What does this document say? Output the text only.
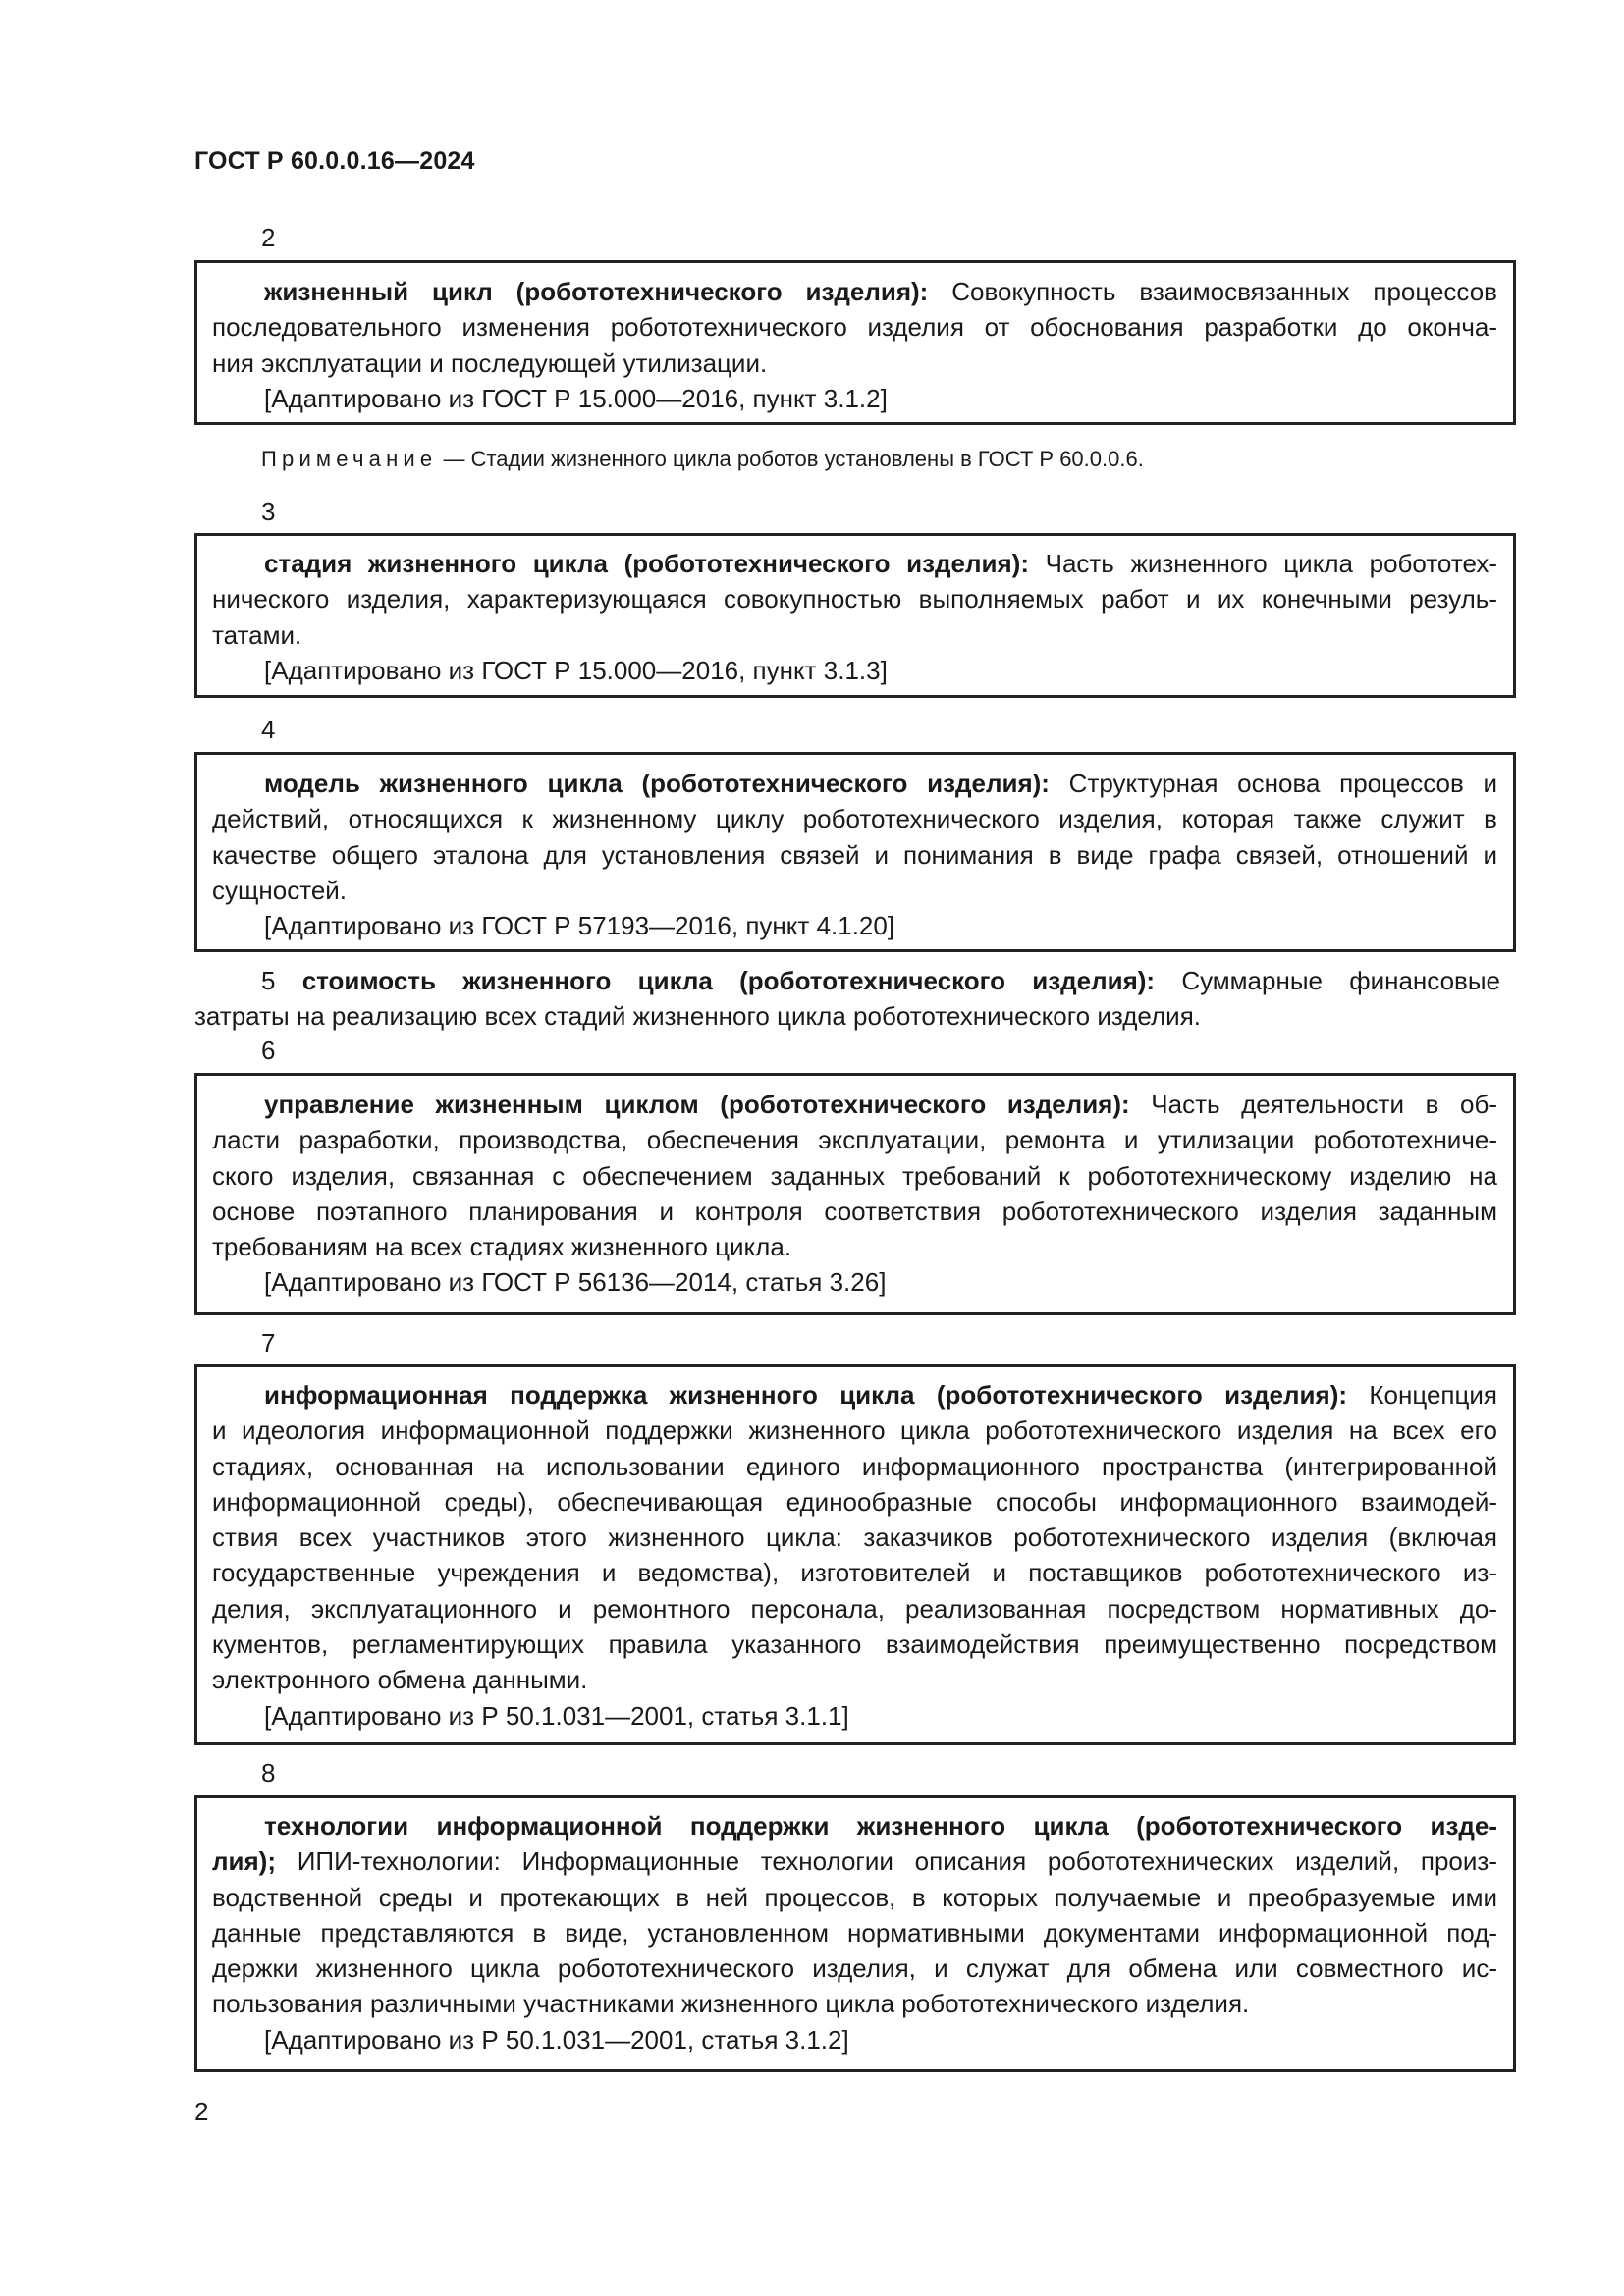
ГОСТ Р 60.0.0.16—2024
2
жизненный цикл (робототехнического изделия): Совокупность взаимосвязанных процессов
последовательного изменения робототехнического изделия от обоснования разработки до оконча-
ния эксплуатации и последующей утилизации.
[Адаптировано из ГОСТ Р 15.000—2016, пункт 3.1.2]
Примечание — Стадии жизненного цикла роботов установлены в ГОСТ Р 60.0.0.6.
3
стадия жизненного цикла (робототехнического изделия): Часть жизненного цикла робототех-
нического изделия, характеризующаяся совокупностью выполняемых работ и их конечными резуль-
татами.
[Адаптировано из ГОСТ Р 15.000—2016, пункт 3.1.3]
4
модель жизненного цикла (робототехнического изделия): Структурная основа процессов и
действий, относящихся к жизненному циклу робототехнического изделия, которая также служит в
качестве общего эталона для установления связей и понимания в виде графа связей, отношений и
сущностей.
[Адаптировано из ГОСТ Р 57193—2016, пункт 4.1.20]
5 стоимость жизненного цикла (робототехнического изделия): Суммарные финансовые
затраты на реализацию всех стадий жизненного цикла робототехнического изделия.
6
управление жизненным циклом (робототехнического изделия): Часть деятельности в об-
ласти разработки, производства, обеспечения эксплуатации, ремонта и утилизации робототехниче-
ского изделия, связанная с обеспечением заданных требований к робототехническому изделию на
основе поэтапного планирования и контроля соответствия робототехнического изделия заданным
требованиям на всех стадиях жизненного цикла.
[Адаптировано из ГОСТ Р 56136—2014, статья 3.26]
7
информационная поддержка жизненного цикла (робототехнического изделия): Концепция
и идеология информационной поддержки жизненного цикла робототехнического изделия на всех его
стадиях, основанная на использовании единого информационного пространства (интегрированной
информационной среды), обеспечивающая единообразные способы информационного взаимодей-
ствия всех участников этого жизненного цикла: заказчиков робототехнического изделия (включая
государственные учреждения и ведомства), изготовителей и поставщиков робототехнического из-
делия, эксплуатационного и ремонтного персонала, реализованная посредством нормативных до-
кументов, регламентирующих правила указанного взаимодействия преимущественно посредством
электронного обмена данными.
[Адаптировано из Р 50.1.031—2001, статья 3.1.1]
8
технологии информационной поддержки жизненного цикла (робототехнического изде-
лия); ИПИ-технологии: Информационные технологии описания робототехнических изделий, произ-
водственной среды и протекающих в ней процессов, в которых получаемые и преобразуемые ими
данные представляются в виде, установленном нормативными документами информационной под-
держки жизненного цикла робототехнического изделия, и служат для обмена или совместного ис-
пользования различными участниками жизненного цикла робототехнического изделия.
[Адаптировано из Р 50.1.031—2001, статья 3.1.2]
2
